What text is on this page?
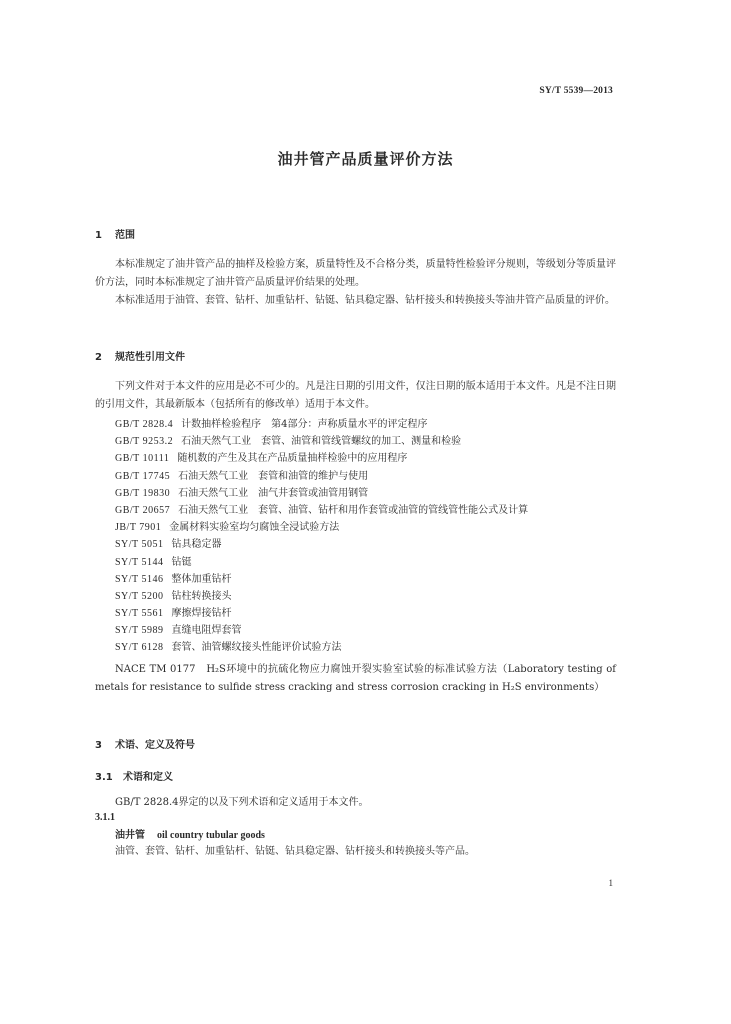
SY/T 5539—2013
油井管产品质量评价方法
1 范围
本标准规定了油井管产品的抽样及检验方案，质量特性及不合格分类，质量特性检验评分规则，等级划分等质量评价方法，同时本标准规定了油井管产品质量评价结果的处理。
本标准适用于油管、套管、钻杆、加重钻杆、钻铤、钻具稳定器、钻杆接头和转换接头等油井管产品质量的评价。
2 规范性引用文件
下列文件对于本文件的应用是必不可少的。凡是注日期的引用文件，仅注日期的版本适用于本文件。凡是不注日期的引用文件，其最新版本（包括所有的修改单）适用于本文件。
GB/T 2828.4 计数抽样检验程序　第4部分：声称质量水平的评定程序
GB/T 9253.2 石油天然气工业　套管、油管和管线管螺纹的加工、测量和检验
GB/T 10111 随机数的产生及其在产品质量抽样检验中的应用程序
GB/T 17745 石油天然气工业　套管和油管的维护与使用
GB/T 19830 石油天然气工业　油气井套管或油管用钢管
GB/T 20657 石油天然气工业　套管、油管、钻杆和用作套管或油管的管线管性能公式及计算
JB/T 7901 金属材料实验室均匀腐蚀全浸试验方法
SY/T 5051 钻具稳定器
SY/T 5144 钻铤
SY/T 5146 整体加重钻杆
SY/T 5200 钻柱转换接头
SY/T 5561 摩擦焊接钻杆
SY/T 5989 直缝电阻焊套管
SY/T 6128 套管、油管螺纹接头性能评价试验方法
NACE TM 0177　H₂S环境中的抗硫化物应力腐蚀开裂实验室试验的标准试验方法（Laboratory testing of metals for resistance to sulfide stress cracking and stress corrosion cracking in H₂S environments）
3 术语、定义及符号
3.1 术语和定义
GB/T 2828.4界定的以及下列术语和定义适用于本文件。
3.1.1
油井管 oil country tubular goods
油管、套管、钻杆、加重钻杆、钻铤、钻具稳定器、钻杆接头和转换接头等产品。
1
